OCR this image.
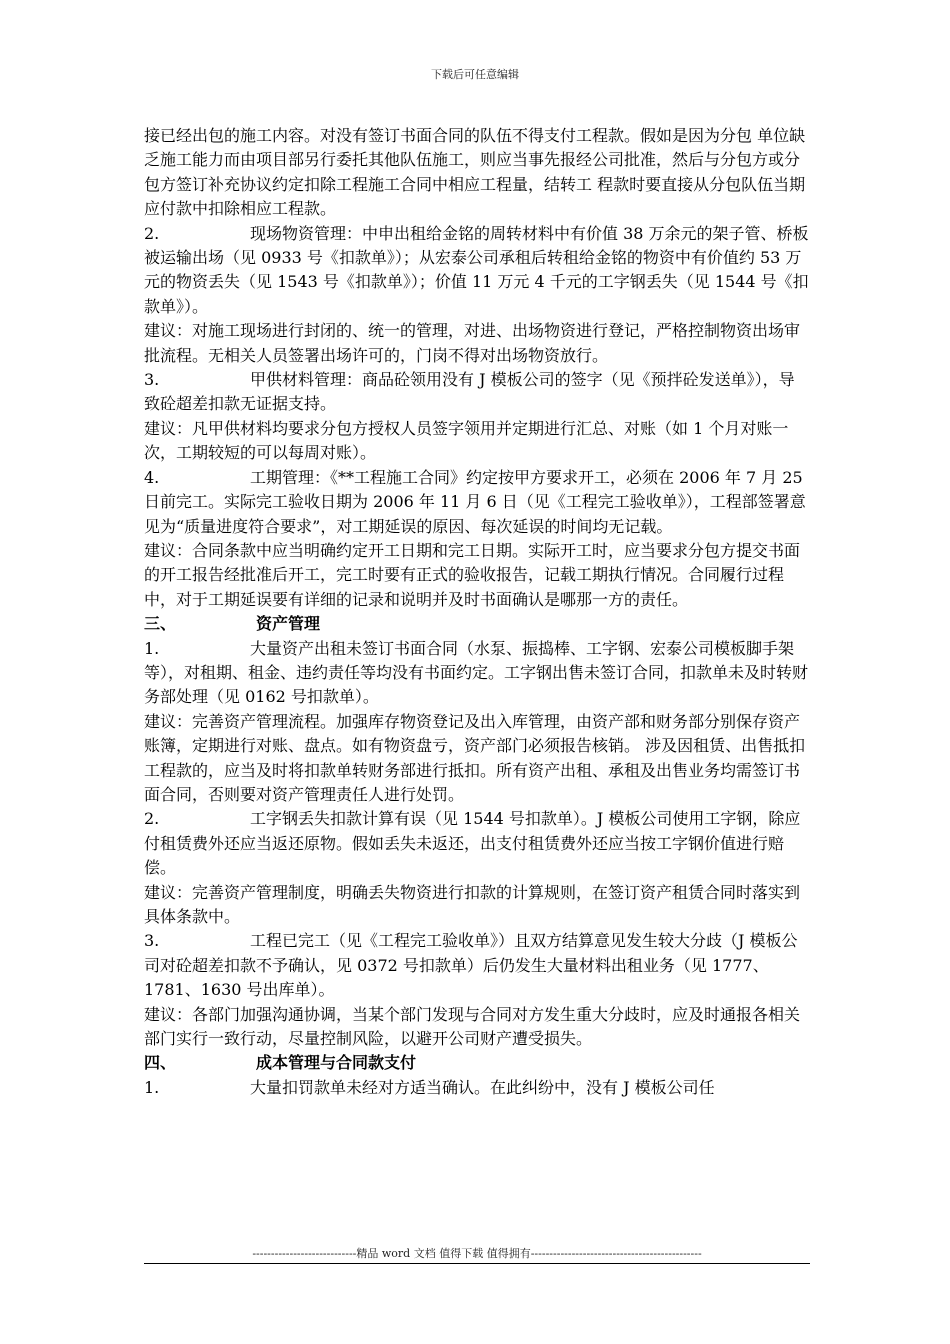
下载后可任意编辑

接已经出包的施工内容。对没有签订书面合同的队伍不得支付工程款。假如是因为分包 单位缺乏施工能力而由项目部另行委托其他队伍施工，则应当事先报经公司批准，然后与分包方或分包方签订补充协议约定扣除工程施工合同中相应工程量，结转工 程款时要直接从分包队伍当期应付款中扣除相应工程款。

2.	现场物资管理：中申出租给金铭的周转材料中有价值 38 万余元的架子管、桥板被运输出场（见 0933 号《扣款单》）；从宏泰公司承租后转租给金铭的物资中有价值约 53 万元的物资丢失（见 1543 号《扣款单》）；价值 11 万元 4 千元的工字钢丢失（见 1544 号《扣款单》）。

建议：对施工现场进行封闭的、统一的管理，对进、出场物资进行登记，严格控制物资出场审批流程。无相关人员签署出场许可的，门岗不得对出场物资放行。

3.	甲供材料管理：商品砼领用没有 J 模板公司的签字（见《预拌砼发送单》），导致砼超差扣款无证据支持。

建议：凡甲供材料均要求分包方授权人员签字领用并定期进行汇总、对账（如 1 个月对账一次，工期较短的可以每周对账）。

4.	工期管理：《**工程施工合同》约定按甲方要求开工，必须在 2006 年 7 月 25 日前完工。实际完工验收日期为 2006 年 11 月 6 日（见《工程完工验收单》），工程部签署意见为“质量进度符合要求”，对工期延误的原因、每次延误的时间均无记载。

建议：合同条款中应当明确约定开工日期和完工日期。实际开工时，应当要求分包方提交书面的开工报告经批准后开工，完工时要有正式的验收报告，记载工期执行情况。合同履行过程中，对于工期延误要有详细的记录和说明并及时书面确认是哪那一方的责任。

三、	资产管理

1.	大量资产出租未签订书面合同（水泵、振捣棒、工字钢、宏泰公司模板脚手架等），对租期、租金、违约责任等均没有书面约定。工字钢出售未签订合同，扣款单未及时转财务部处理（见 0162 号扣款单）。

建议：完善资产管理流程。加强库存物资登记及出入库管理，由资产部和财务部分别保存资产账簿，定期进行对账、盘点。如有物资盘亏，资产部门必须报告核销。 涉及因租赁、出售抵扣工程款的，应当及时将扣款单转财务部进行抵扣。所有资产出租、承租及出售业务均需签订书面合同，否则要对资产管理责任人进行处罚。

2.	工字钢丢失扣款计算有误（见 1544 号扣款单）。J 模板公司使用工字钢，除应付租赁费外还应当返还原物。假如丢失未返还，出支付租赁费外还应当按工字钢价值进行赔偿。

建议：完善资产管理制度，明确丢失物资进行扣款的计算规则，在签订资产租赁合同时落实到具体条款中。

3.	工程已完工（见《工程完工验收单》）且双方结算意见发生较大分歧（J 模板公司对砼超差扣款不予确认，见 0372 号扣款单）后仍发生大量材料出租业务（见 1777、1781、1630 号出库单）。

建议：各部门加强沟通协调，当某个部门发现与合同对方发生重大分歧时，应及时通报各相关部门实行一致行动，尽量控制风险，以避开公司财产遭受损失。

四、	成本管理与合同款支付

1.	大量扣罚款单未经对方适当确认。在此纠纷中，没有 J 模板公司任

----------------------------精品 word 文档 值得下载 值得拥有----------------------------------------------
